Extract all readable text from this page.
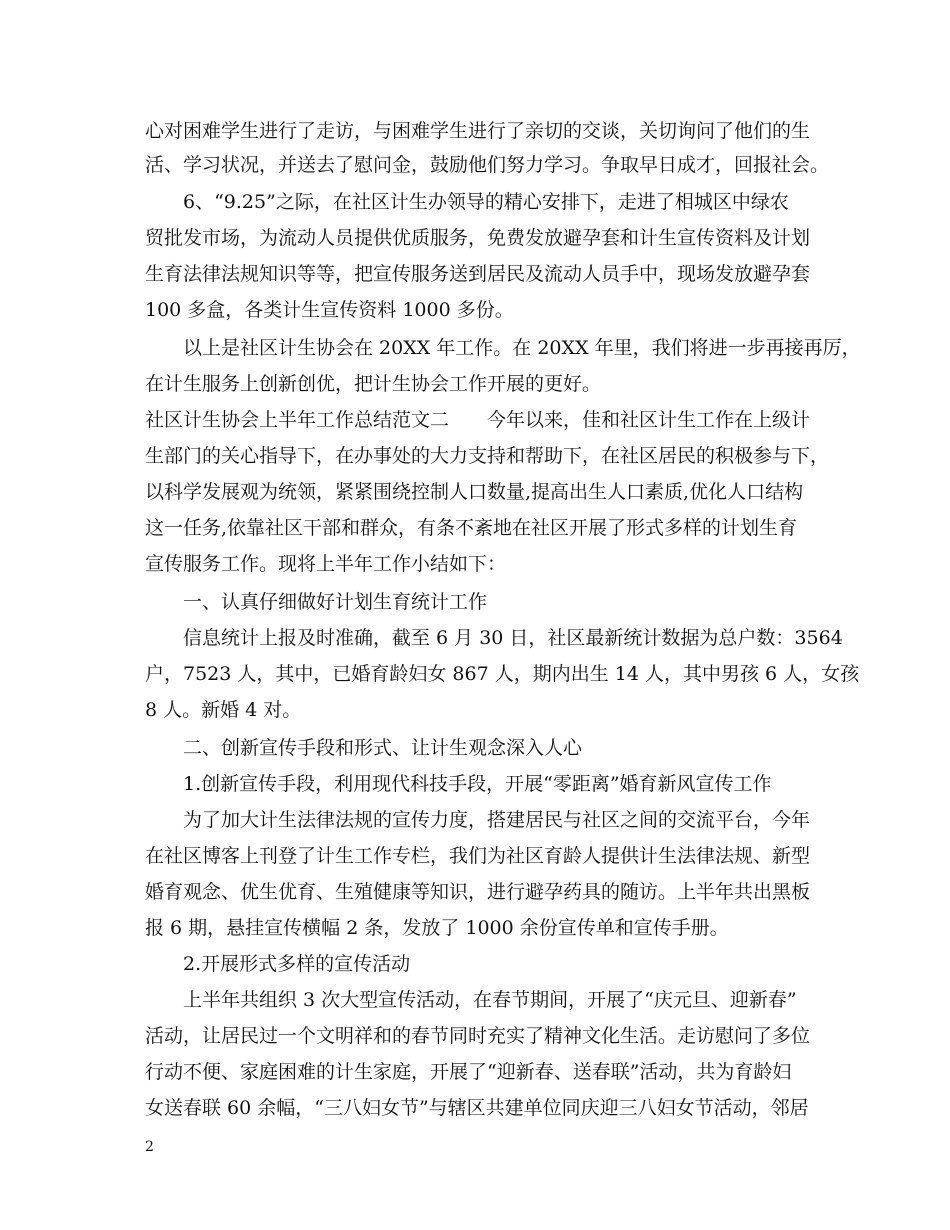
心对困难学生进行了走访，与困难学生进行了亲切的交谈，关切询问了他们的生
活、学习状况，并送去了慰问金，鼓励他们努力学习。争取早日成才，回报社会。
6、“9.25”之际，在社区计生办领导的精心安排下，走进了相城区中绿农
贸批发市场，为流动人员提供优质服务，免费发放避孕套和计生宣传资料及计划
生育法律法规知识等等，把宣传服务送到居民及流动人员手中，现场发放避孕套
100 多盒，各类计生宣传资料 1000 多份。
以上是社区计生协会在 20XX 年工作。在 20XX 年里，我们将进一步再接再厉，
在计生服务上创新创优，把计生协会工作开展的更好。
社区计生协会上半年工作总结范文二　　今年以来，佳和社区计生工作在上级计
生部门的关心指导下，在办事处的大力支持和帮助下，在社区居民的积极参与下，
以科学发展观为统领，紧紧围绕控制人口数量,提高出生人口素质,优化人口结构
这一任务,依靠社区干部和群众，有条不紊地在社区开展了形式多样的计划生育
宣传服务工作。现将上半年工作小结如下：
一、认真仔细做好计划生育统计工作
信息统计上报及时准确，截至 6 月 30 日，社区最新统计数据为总户数：3564
户，7523 人，其中，已婚育龄妇女 867 人，期内出生 14 人，其中男孩 6 人，女孩
8 人。新婚 4 对。
二、创新宣传手段和形式、让计生观念深入人心
1.创新宣传手段，利用现代科技手段，开展“零距离”婚育新风宣传工作
为了加大计生法律法规的宣传力度，搭建居民与社区之间的交流平台，今年
在社区博客上刊登了计生工作专栏，我们为社区育龄人提供计生法律法规、新型
婚育观念、优生优育、生殖健康等知识，进行避孕药具的随访。上半年共出黑板
报 6 期，悬挂宣传横幅 2 条，发放了 1000 余份宣传单和宣传手册。
2.开展形式多样的宣传活动
上半年共组织 3 次大型宣传活动，在春节期间，开展了“庆元旦、迎新春”
活动，让居民过一个文明祥和的春节同时充实了精神文化生活。走访慰问了多位
行动不便、家庭困难的计生家庭，开展了“迎新春、送春联”活动，共为育龄妇
女送春联 60 余幅，“三八妇女节”与辖区共建单位同庆迎三八妇女节活动，邻居
2
